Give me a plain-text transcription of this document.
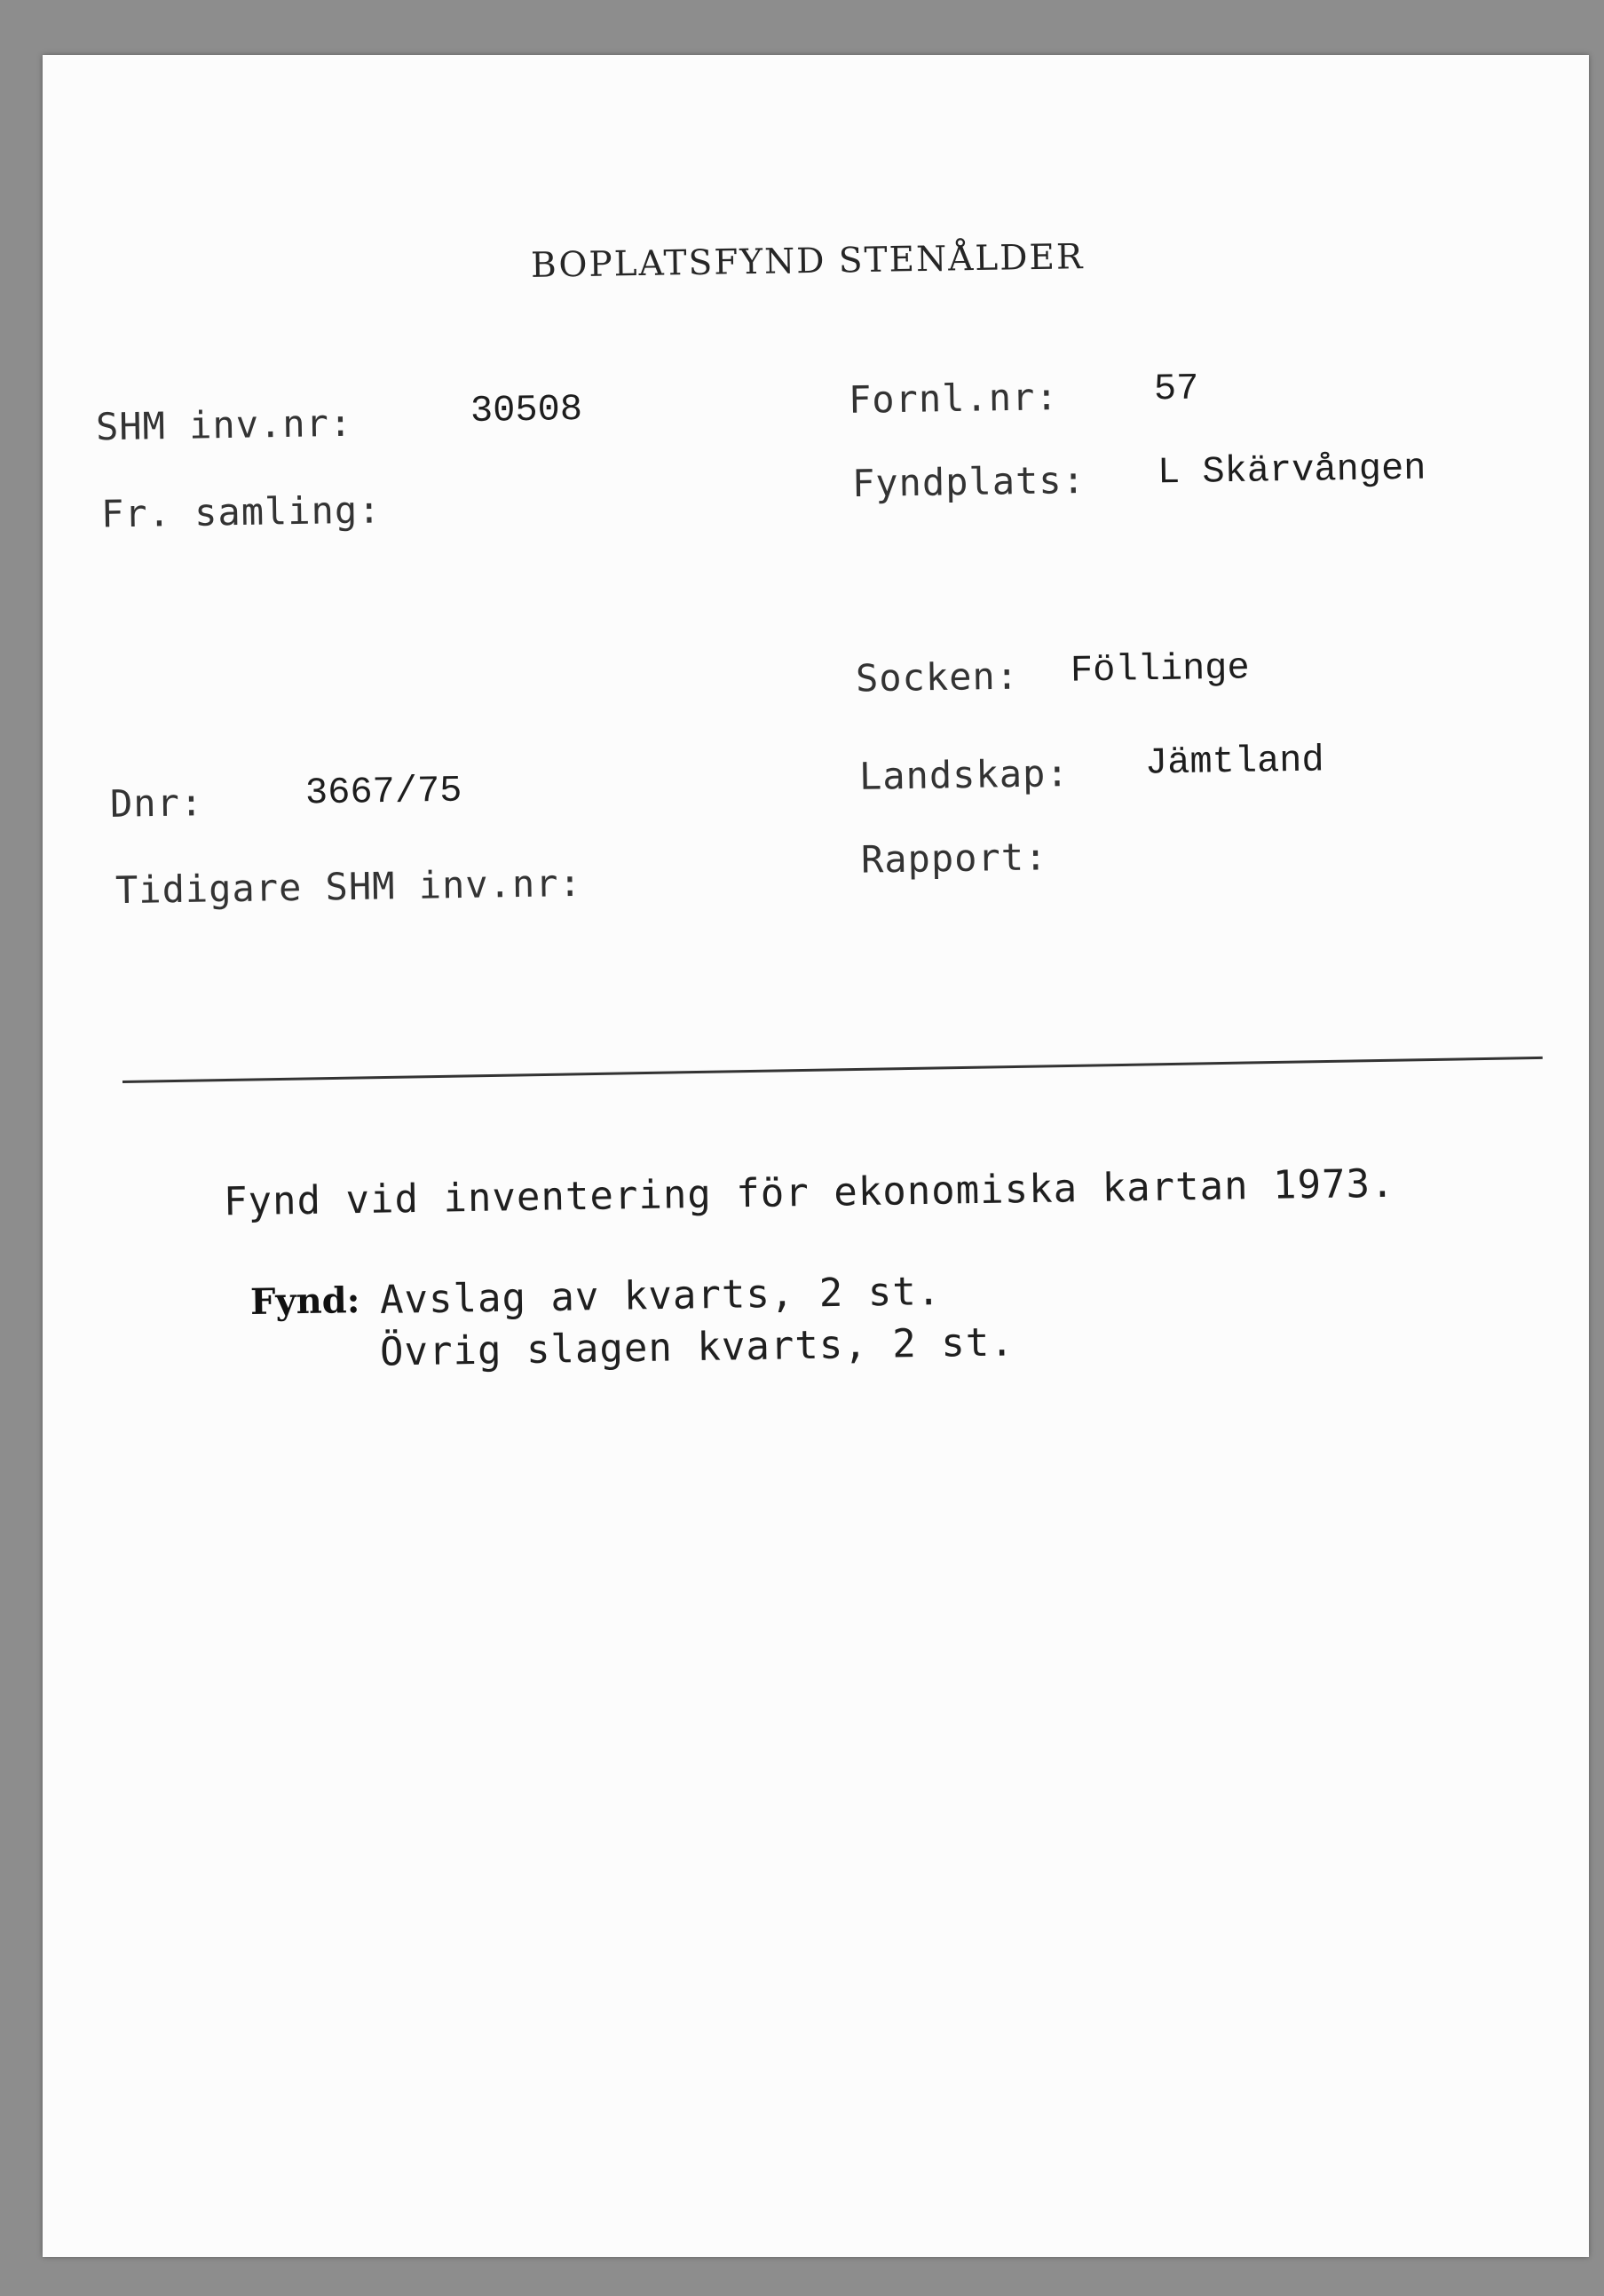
BOPLATSFYND STENÅLDER
SHM inv.nr:	30508
Fr. samling:
Dnr:	3667/75
Tidigare SHM inv.nr:
Fornl.nr:	57
Fyndplats: L Skärvången
Socken: Föllinge
Landskap: Jämtland
Rapport:
Fynd vid inventering för ekonomiska kartan 1973.
Fynd: Avslag av kvarts, 2 st.
Övrig slagen kvarts, 2 st.
